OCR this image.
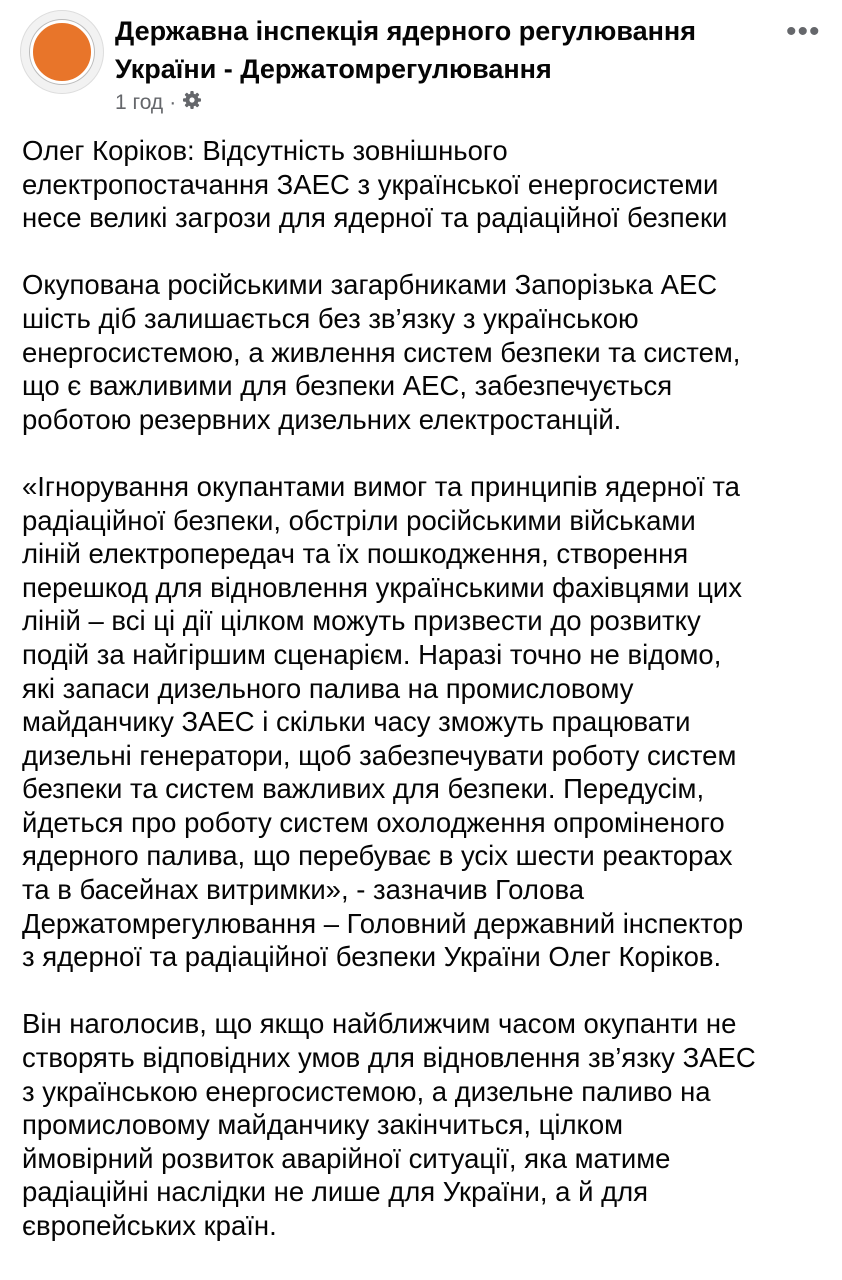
Державна інспекція ядерного регулювання
України - Держатомрегулювання
1 год ·
•••
Олег Коріков: Відсутність зовнішнього
електропостачання ЗАЕС з української енергосистеми
несе великі загрози для ядерної та радіаційної безпеки
Окупована російськими загарбниками Запорізька АЕС
шість діб залишається без зв’язку з українською
енергосистемою, а живлення систем безпеки та систем,
що є важливими для безпеки АЕС, забезпечується
роботою резервних дизельних електростанцій.
«Ігнорування окупантами вимог та принципів ядерної та
радіаційної безпеки, обстріли російськими військами
ліній електропередач та їх пошкодження, створення
перешкод для відновлення українськими фахівцями цих
ліній – всі ці дії цілком можуть призвести до розвитку
подій за найгіршим сценарієм. Наразі точно не відомо,
які запаси дизельного палива на промисловому
майданчику ЗАЕС і скільки часу зможуть працювати
дизельні генератори, щоб забезпечувати роботу систем
безпеки та систем важливих для безпеки. Передусім,
йдеться про роботу систем охолодження опроміненого
ядерного палива, що перебуває в усіх шести реакторах
та в басейнах витримки», - зазначив Голова
Держатомрегулювання – Головний державний інспектор
з ядерної та радіаційної безпеки України Олег Коріков.
Він наголосив, що якщо найближчим часом окупанти не
створять відповідних умов для відновлення зв’язку ЗАЕС
з українською енергосистемою, а дизельне паливо на
промисловому майданчику закінчиться, цілком
ймовірний розвиток аварійної ситуації, яка матиме
радіаційні наслідки не лише для України, а й для
європейських країн.
